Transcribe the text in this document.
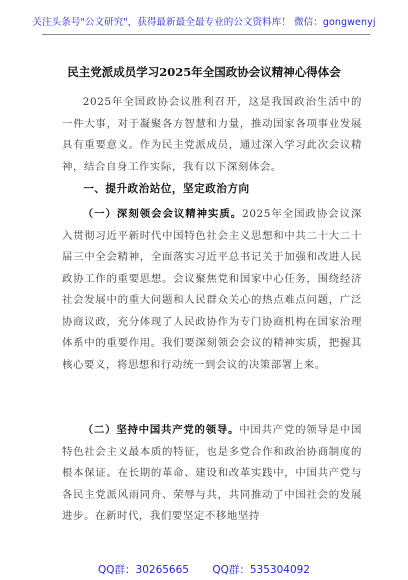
关注头条号"公文研究"，获得最新最全最专业的公文资料库！ 微信：gongwenyj
民主党派成员学习2025年全国政协会议精神心得体会

2025年全国政协会议胜利召开，这是我国政治生活中的一件大事，对于凝聚各方智慧和力量，推动国家各项事业发展具有重要意义。作为民主党派成员，通过深入学习此次会议精神，结合自身工作实际，我有以下深刻体会。

一、提升政治站位，坚定政治方向

（一）深刻领会会议精神实质。2025年全国政协会议深入贯彻习近平新时代中国特色社会主义思想和中共二十大二十届三中全会精神，全面落实习近平总书记关于加强和改进人民政协工作的重要思想。会议聚焦党和国家中心任务，围绕经济社会发展中的重大问题和人民群众关心的热点难点问题，广泛协商议政，充分体现了人民政协作为专门协商机构在国家治理体系中的重要作用。我们要深刻领会会议的精神实质，把握其核心要义，将思想和行动统一到会议的决策部署上来。

（二）坚持中国共产党的领导。中国共产党的领导是中国特色社会主义最本质的特征，也是多党合作和政治协商制度的根本保证。在长期的革命、建设和改革实践中，中国共产党与各民主党派风雨同舟、荣辱与共，共同推动了中国社会的发展进步。在新时代，我们要坚定不移地坚持

QQ群：30265665 QQ群：535304092
